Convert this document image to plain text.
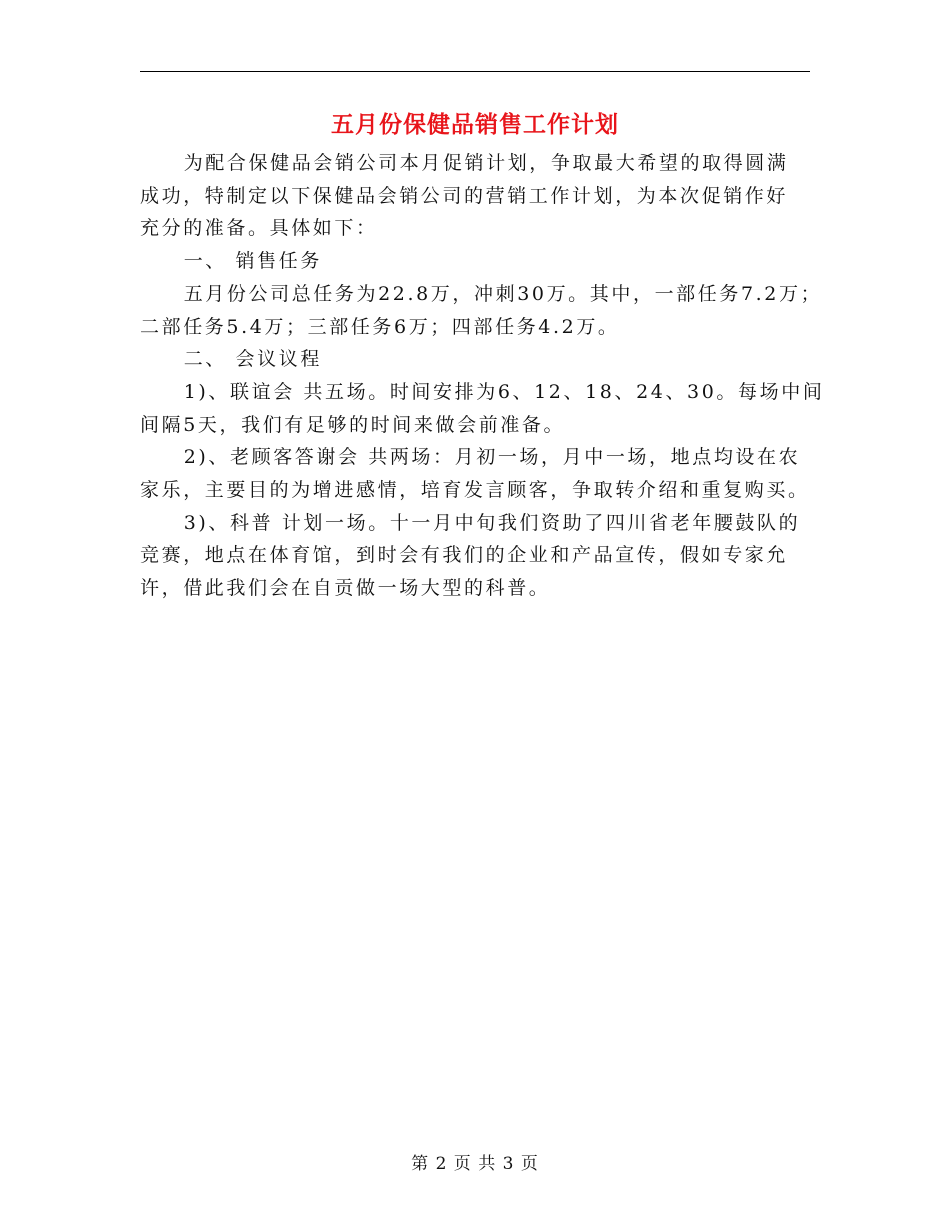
五月份保健品销售工作计划

为配合保健品会销公司本月促销计划，争取最大希望的取得圆满
成功，特制定以下保健品会销公司的营销工作计划，为本次促销作好
充分的准备。具体如下：

一、 销售任务

五月份公司总任务为22.8万，冲刺30万。其中，一部任务7.2万；
二部任务5.4万；三部任务6万；四部任务4.2万。

二、 会议议程

1)、联谊会 共五场。时间安排为6、12、18、24、30。每场中间
间隔5天，我们有足够的时间来做会前准备。

2)、老顾客答谢会 共两场：月初一场，月中一场，地点均设在农
家乐，主要目的为增进感情，培育发言顾客，争取转介绍和重复购买。

3)、科普 计划一场。十一月中旬我们资助了四川省老年腰鼓队的
竞赛，地点在体育馆，到时会有我们的企业和产品宣传，假如专家允
许，借此我们会在自贡做一场大型的科普。

第 2 页 共 3 页
